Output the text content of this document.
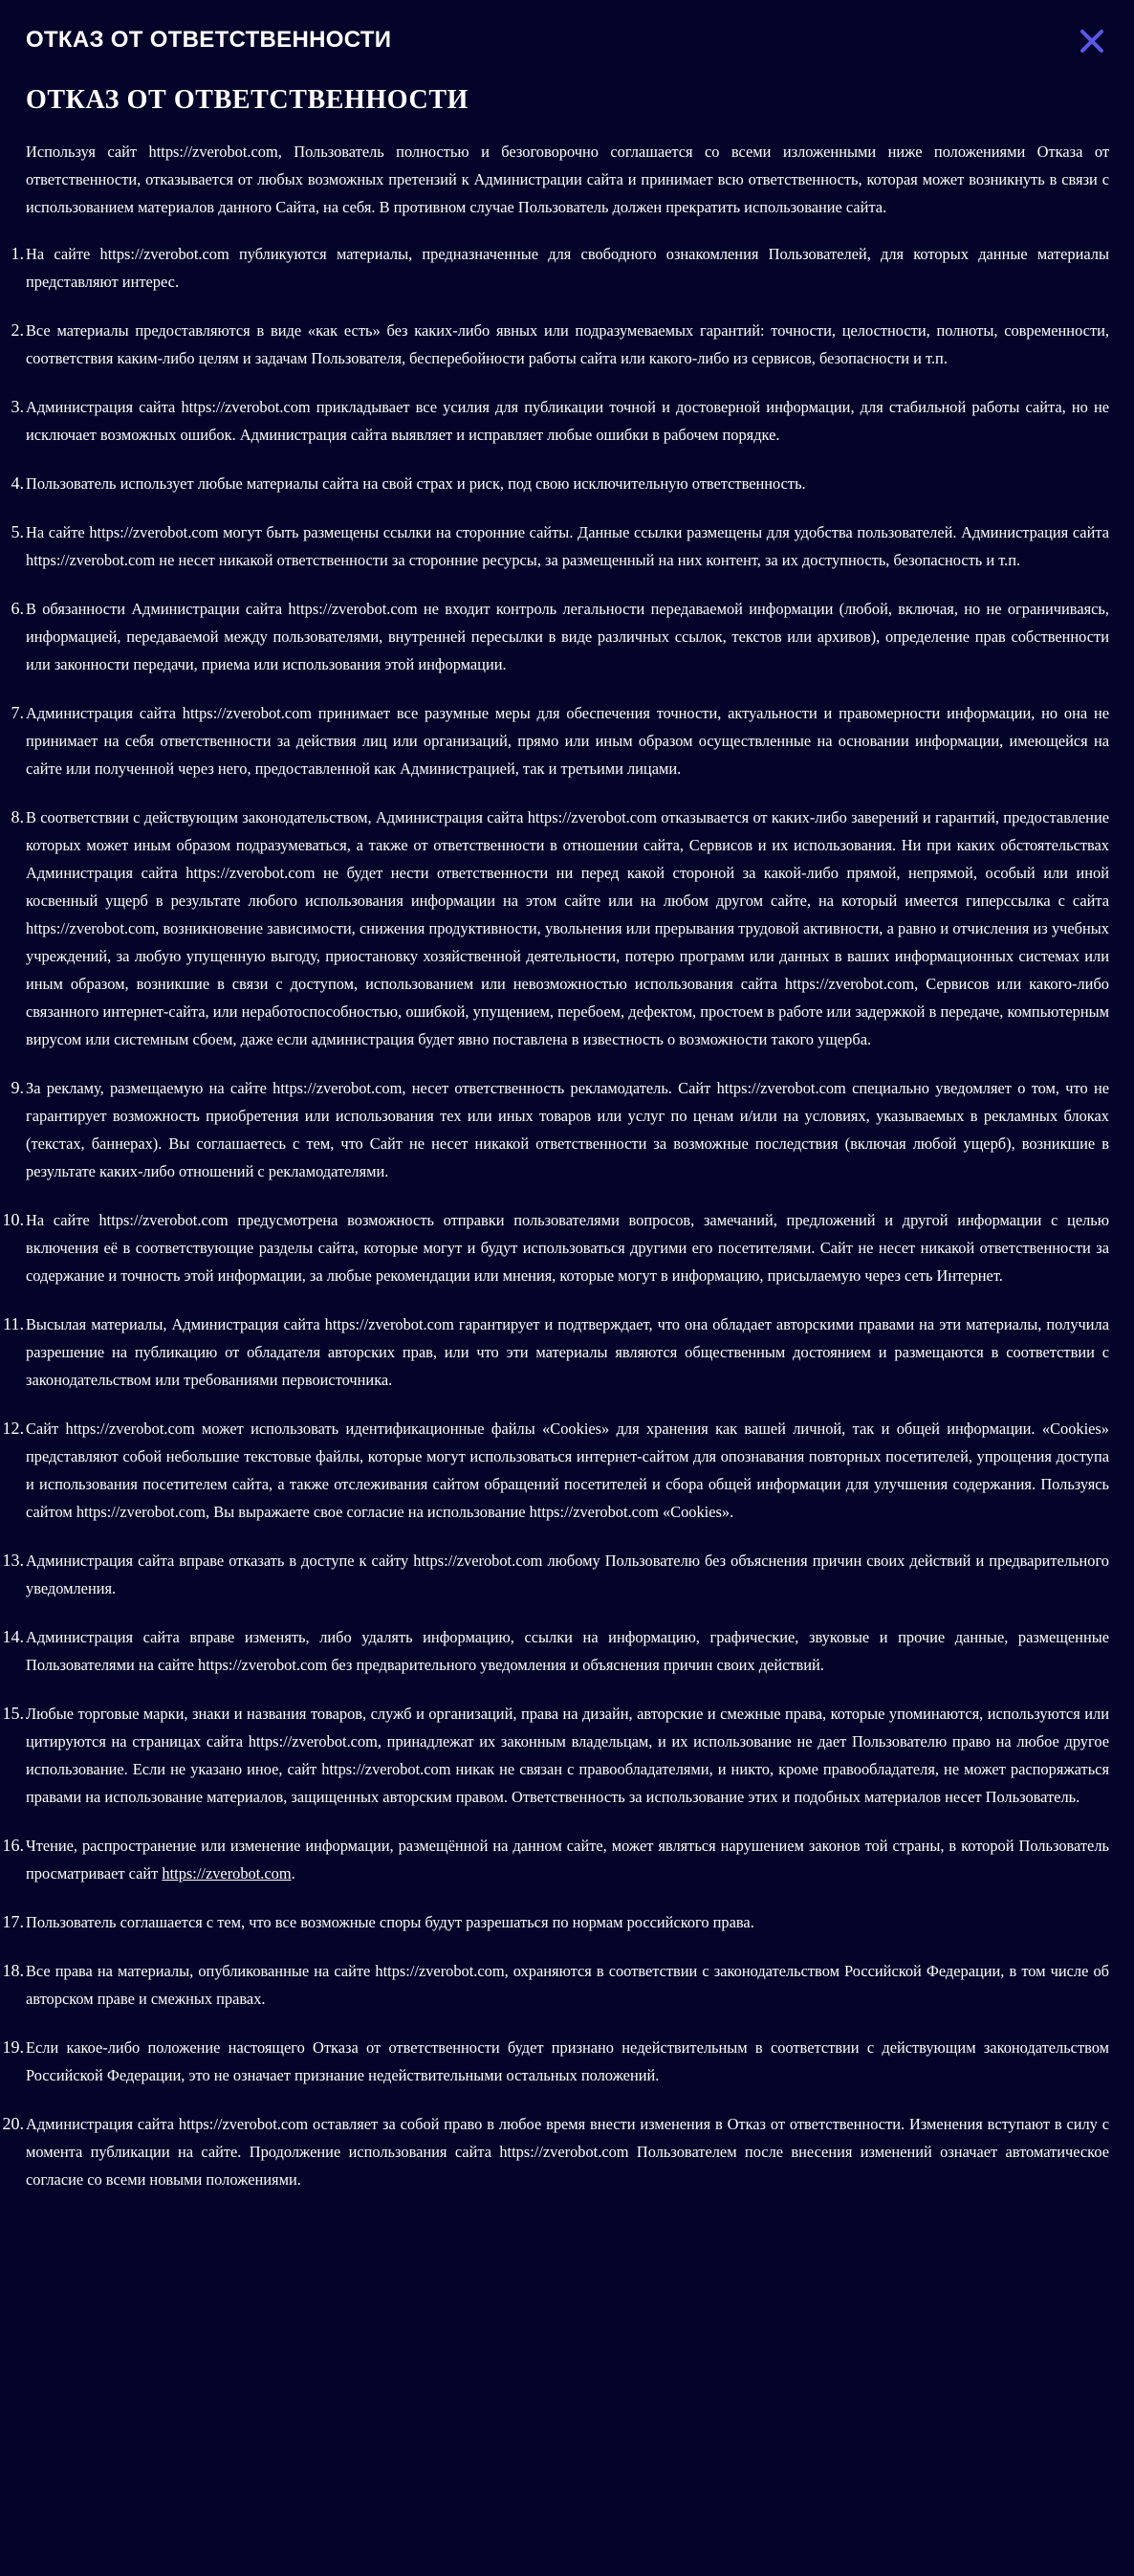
ОТКАЗ ОТ ОТВЕТСТВЕННОСТИ
ОТКАЗ ОТ ОТВЕТСТВЕННОСТИ

Используя сайт https://zverobot.com, Пользователь полностью и безоговорочно соглашается со всеми изложенными ниже положениями Отказа от ответственности, отказывается от любых возможных претензий к Администрации сайта и принимает всю ответственность, которая может возникнуть в связи с использованием материалов данного Сайта, на себя. В противном случае Пользователь должен прекратить использование сайта.

1. На сайте https://zverobot.com публикуются материалы, предназначенные для свободного ознакомления Пользователей, для которых данные материалы представляют интерес.
2. Все материалы предоставляются в виде «как есть» без каких-либо явных или подразумеваемых гарантий: точности, целостности, полноты, современности, соответствия каким-либо целям и задачам Пользователя, бесперебойности работы сайта или какого-либо из сервисов, безопасности и т.п.
3. Администрация сайта https://zverobot.com прикладывает все усилия для публикации точной и достоверной информации, для стабильной работы сайта, но не исключает возможных ошибок. Администрация сайта выявляет и исправляет любые ошибки в рабочем порядке.
4. Пользователь использует любые материалы сайта на свой страх и риск, под свою исключительную ответственность.
5. На сайте https://zverobot.com могут быть размещены ссылки на сторонние сайты. Данные ссылки размещены для удобства пользователей. Администрация сайта https://zverobot.com не несет никакой ответственности за сторонние ресурсы, за размещенный на них контент, за их доступность, безопасность и т.п.
6. В обязанности Администрации сайта https://zverobot.com не входит контроль легальности передаваемой информации (любой, включая, но не ограничиваясь, информацией, передаваемой между пользователями, внутренней пересылки в виде различных ссылок, текстов или архивов), определение прав собственности или законности передачи, приема или использования этой информации.
7. Администрация сайта https://zverobot.com принимает все разумные меры для обеспечения точности, актуальности и правомерности информации, но она не принимает на себя ответственности за действия лиц или организаций, прямо или иным образом осуществленные на основании информации, имеющейся на сайте или полученной через него, предоставленной как Администрацией, так и третьими лицами.
8. В соответствии с действующим законодательством, Администрация сайта https://zverobot.com отказывается от каких-либо заверений и гарантий, предоставление которых может иным образом подразумеваться, а также от ответственности в отношении сайта, Сервисов и их использования. Ни при каких обстоятельствах Администрация сайта https://zverobot.com не будет нести ответственности ни перед какой стороной за какой-либо прямой, непрямой, особый или иной косвенный ущерб в результате любого использования информации на этом сайте или на любом другом сайте, на который имеется гиперссылка с сайта https://zverobot.com, возникновение зависимости, снижения продуктивности, увольнения или прерывания трудовой активности, а равно и отчисления из учебных учреждений, за любую упущенную выгоду, приостановку хозяйственной деятельности, потерю программ или данных в ваших информационных системах или иным образом, возникшие в связи с доступом, использованием или невозможностью использования сайта https://zverobot.com, Сервисов или какого-либо связанного интернет-сайта, или неработоспособностью, ошибкой, упущением, перебоем, дефектом, простоем в работе или задержкой в передаче, компьютерным вирусом или системным сбоем, даже если администрация будет явно поставлена в известность о возможности такого ущерба.
9. За рекламу, размещаемую на сайте https://zverobot.com, несет ответственность рекламодатель. Сайт https://zverobot.com специально уведомляет о том, что не гарантирует возможность приобретения или использования тех или иных товаров или услуг по ценам и/или на условиях, указываемых в рекламных блоках (текстах, баннерах). Вы соглашаетесь с тем, что Сайт не несет никакой ответственности за возможные последствия (включая любой ущерб), возникшие в результате каких-либо отношений с рекламодателями.
10. На сайте https://zverobot.com предусмотрена возможность отправки пользователями вопросов, замечаний, предложений и другой информации с целью включения её в соответствующие разделы сайта, которые могут и будут использоваться другими его посетителями. Сайт не несет никакой ответственности за содержание и точность этой информации, за любые рекомендации или мнения, которые могут в информацию, присылаемую через сеть Интернет.
11. Высылая материалы, Администрация сайта https://zverobot.com гарантирует и подтверждает, что она обладает авторскими правами на эти материалы, получила разрешение на публикацию от обладателя авторских прав, или что эти материалы являются общественным достоянием и размещаются в соответствии с законодательством или требованиями первоисточника.
12. Сайт https://zverobot.com может использовать идентификационные файлы «Cookies» для хранения как вашей личной, так и общей информации. «Cookies» представляют собой небольшие текстовые файлы, которые могут использоваться интернет-сайтом для опознавания повторных посетителей, упрощения доступа и использования посетителем сайта, а также отслеживания сайтом обращений посетителей и сбора общей информации для улучшения содержания. Пользуясь сайтом https://zverobot.com, Вы выражаете свое согласие на использование https://zverobot.com «Cookies».
13. Администрация сайта вправе отказать в доступе к сайту https://zverobot.com любому Пользователю без объяснения причин своих действий и предварительного уведомления.
14. Администрация сайта вправе изменять, либо удалять информацию, ссылки на информацию, графические, звуковые и прочие данные, размещенные Пользователями на сайте https://zverobot.com без предварительного уведомления и объяснения причин своих действий.
15. Любые торговые марки, знаки и названия товаров, служб и организаций, права на дизайн, авторские и смежные права, которые упоминаются, используются или цитируются на страницах сайта https://zverobot.com, принадлежат их законным владельцам, и их использование не дает Пользователю право на любое другое использование. Если не указано иное, сайт https://zverobot.com никак не связан с правообладателями, и никто, кроме правообладателя, не может распоряжаться правами на использование материалов, защищенных авторским правом. Ответственность за использование этих и подобных материалов несет Пользователь.
16. Чтение, распространение или изменение информации, размещённой на данном сайте, может являться нарушением законов той страны, в которой Пользователь просматривает сайт https://zverobot.com.
17. Пользователь соглашается с тем, что все возможные споры будут разрешаться по нормам российского права.
18. Все права на материалы, опубликованные на сайте https://zverobot.com, охраняются в соответствии с законодательством Российской Федерации, в том числе об авторском праве и смежных правах.
19. Если какое-либо положение настоящего Отказа от ответственности будет признано недействительным в соответствии с действующим законодательством Российской Федерации, это не означает признание недействительными остальных положений.
20. Администрация сайта https://zverobot.com оставляет за собой право в любое время внести изменения в Отказ от ответственности. Изменения вступают в силу с момента публикации на сайте. Продолжение использования сайта https://zverobot.com Пользователем после внесения изменений означает автоматическое согласие со всеми новыми положениями.
